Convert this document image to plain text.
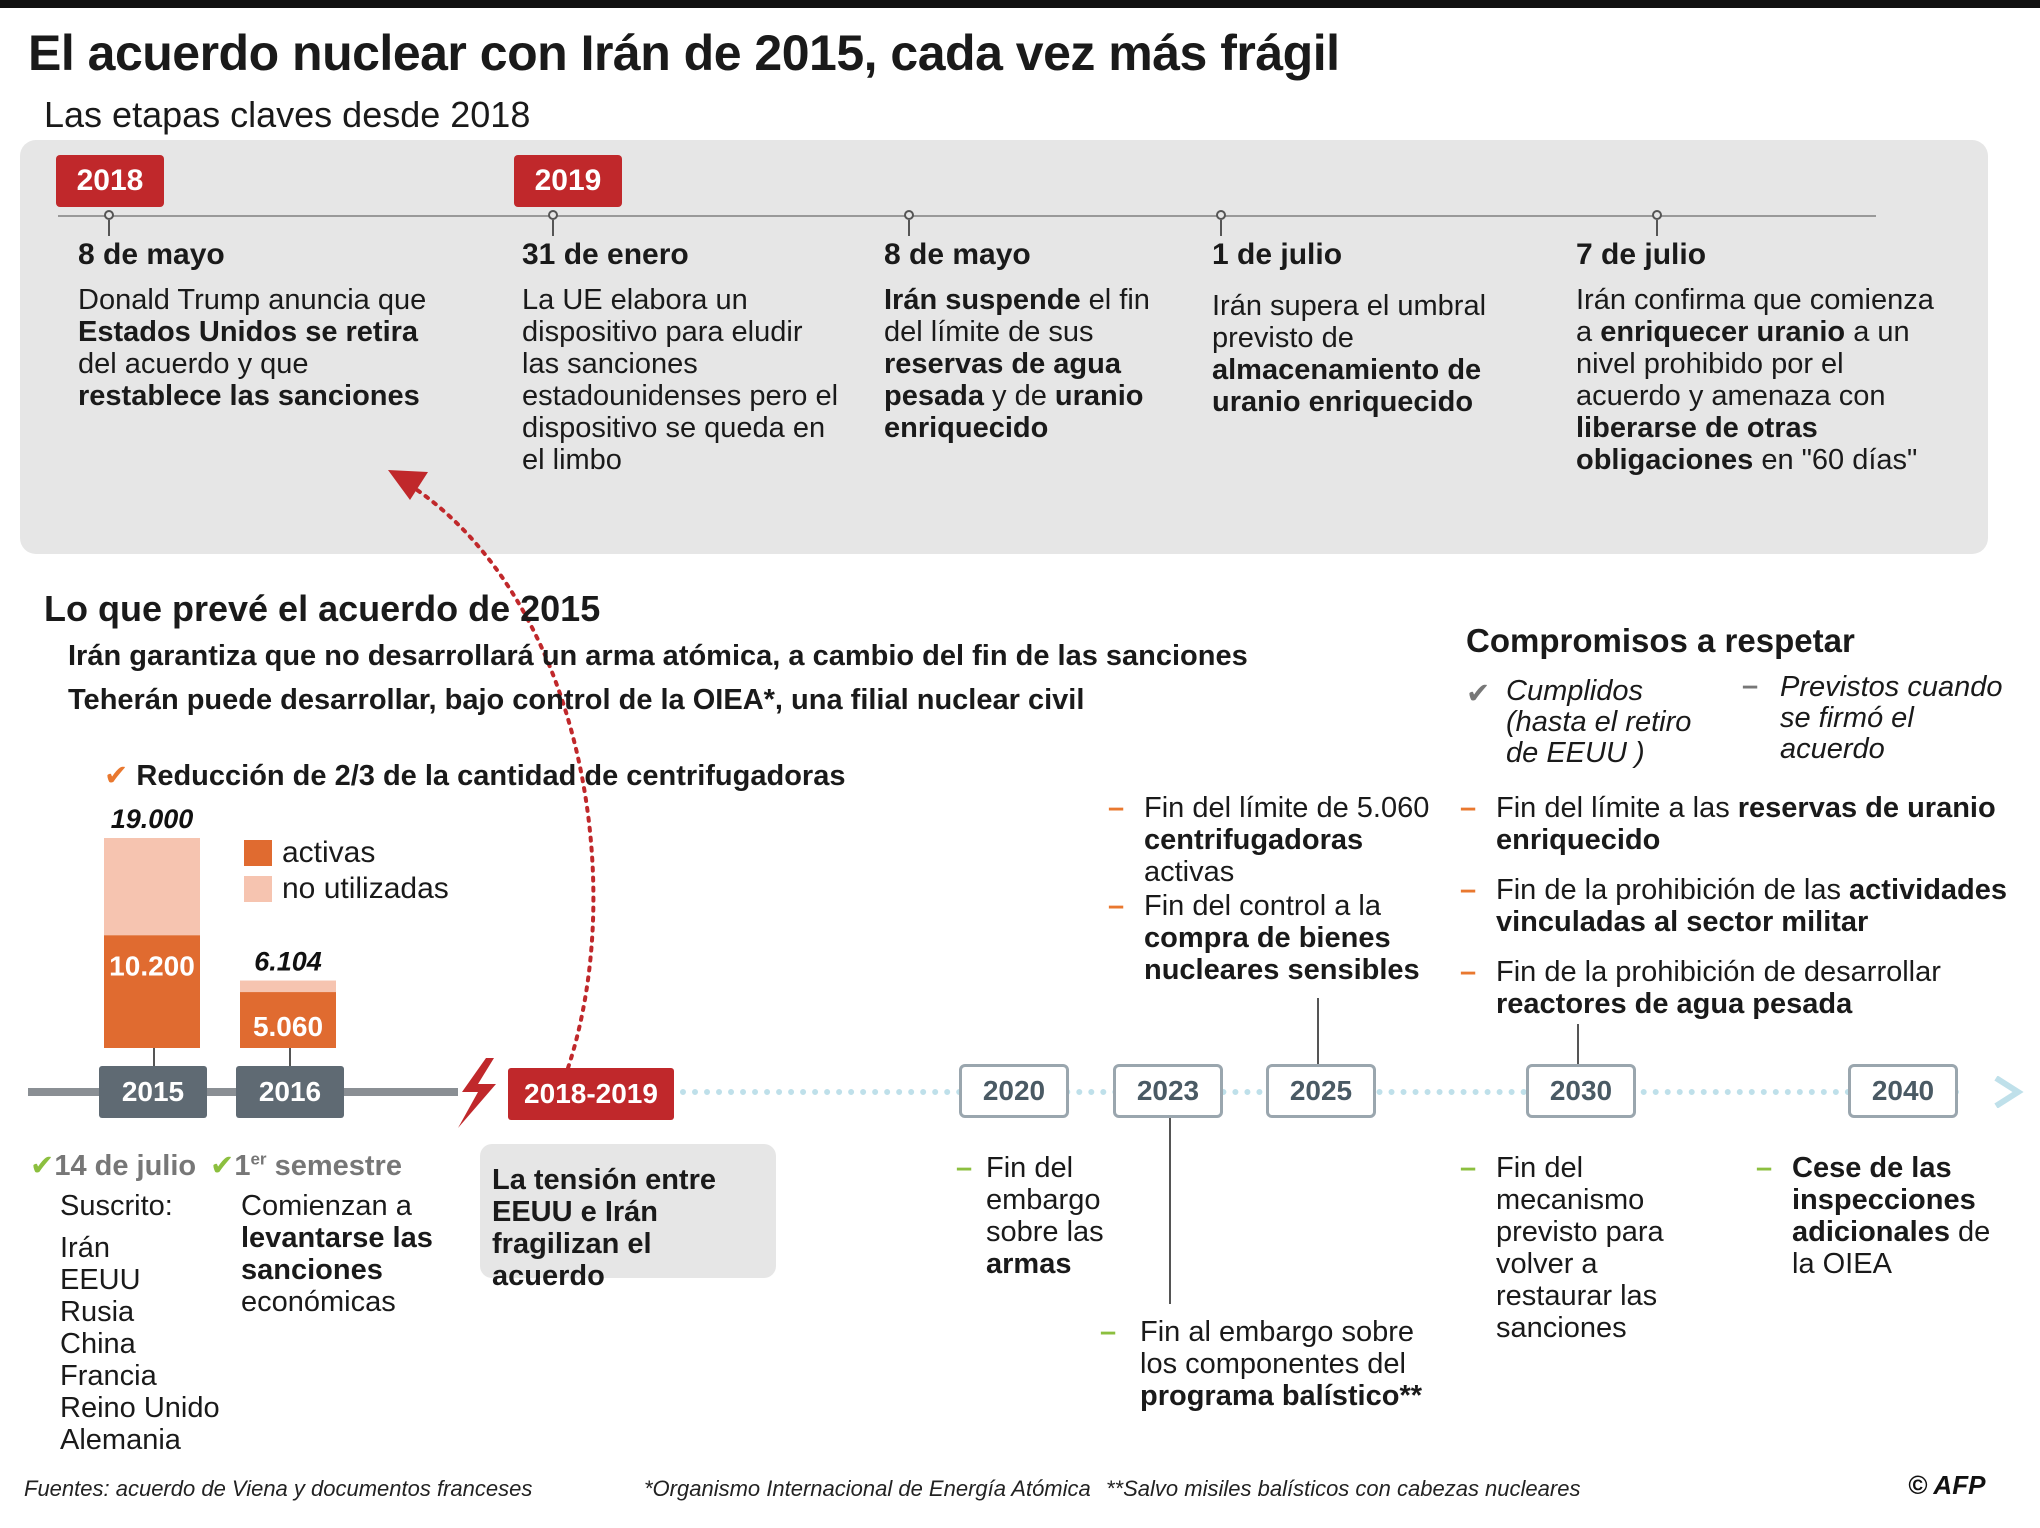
El acuerdo nuclear con Irán de 2015, cada vez más frágil
Las etapas claves desde 2018
2018	2019
8 de mayo
Donald Trump anuncia que Estados Unidos se retira
del acuerdo y que
restablece las sanciones
31 de enero
La UE elabora un dispositivo para eludir las sanciones estadounidenses pero el dispositivo se queda en el limbo
8 de mayo
Irán suspende el fin del límite de sus reservas de agua pesada y de uranio enriquecido
1 de julio
Irán supera el umbral previsto de almacenamiento de uranio enriquecido
7 de julio
Irán confirma que comienza a enriquecer uranio a un nivel prohibido por el acuerdo y amenaza con liberarse de otras obligaciones en "60 días"
Lo que prevé el acuerdo de 2015
Irán garantiza que no desarrollará un arma atómica, a cambio del fin de las sanciones
Teherán puede desarrollar, bajo control de la OIEA*, una filial nuclear civil
✔ Reducción de 2/3 de la cantidad de centrifugadoras
10.200
5.060
19.000
6.104
activas
no utilizadas
Compromisos a respetar
✔ Cumplidos (hasta el retiro de EEUU )
– Previstos cuando se firmó el acuerdo
– Fin del límite de 5.060 centrifugadoras
activas
– Fin del control a la compra de bienes nucleares sensibles
– Fin del límite a las reservas de uranio enriquecido
– Fin de la prohibición de las actividades vinculadas al sector militar
– Fin de la prohibición de desarrollar reactores de agua pesada
2015	2016	2018-2019	2020	2023	2025	2030	2040
✔14 de julio
Suscrito:
Irán
EEUU
Rusia
China
Francia
Reino Unido
Alemania
✔1er semestre
Comienzan a levantarse las sanciones económicas
La tensión entre EEUU e Irán fragilizan el acuerdo
– Fin del embargo sobre las armas
– Fin al embargo sobre los componentes del programa balístico**
– Fin del mecanismo previsto para volver a restaurar las sanciones
– Cese de las inspecciones adicionales de la OIEA
Fuentes: acuerdo de Viena y documentos franceses	*Organismo Internacional de Energía Atómica **Salvo misiles balísticos con cabezas nucleares	© AFP
